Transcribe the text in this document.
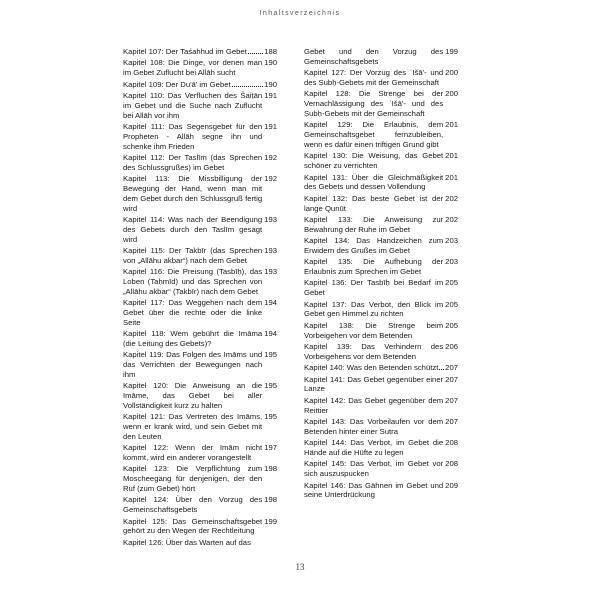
Inhaltsverzeichnis
Kapitel 107: Der Taśahhud im Gebet 188
Kapitel 108: Die Dinge, vor denen man im Gebet Zuflucht bei Allāh sucht
190
Kapitel 109: Der Du'ā' im Gebet	190
Kapitel 110: Das Verfluchen des Šaiṭān im Gebet und die Suche nach Zuflucht bei Allāh vor ihm
191
Kapitel 111: Das Segensgebet für den Propheten - Allāh segne ihn und schenke ihm Frieden
191
Kapitel 112: Der Taslīm (das Sprechen des Schlussgrußes) im Gebet
192
Kapitel 113: Die Missbilligung der Bewegung der Hand, wenn man mit dem Gebet durch den Schlussgruß fertig wird
192
Kapitel 114: Was nach der Beendigung des Gebets durch den Taslīm gesagt wird
193
Kapitel 115: Der Takbīr (das Sprechen von „Allāhu akbar“) nach dem Gebet
193
Kapitel 116: Die Preisung (Tasbīḥ), das Loben (Taḥmīd) und das Sprechen von „Allāhu akbar“ (Takbīr) nach dem Gebet
193
Kapitel 117: Das Weggehen nach dem Gebet über die rechte oder die linke Seite
194
Kapitel 118: Wem gebührt die Imāma (die Leitung des Gebets)?
194
Kapitel 119: Das Folgen des Imāms und das Verrichten der Bewegungen nach ihm
195
Kapitel 120: Die Anweisung an die Imāme, das Gebet bei aller Vollständigkeit kurz zu halten
195
Kapitel 121: Das Vertreten des Imāms, wenn er krank wird, und sein Gebet mit den Leuten
195
Kapitel 122: Wenn der Imām nicht kommt, wird ein anderer vorangestellt
197
Kapitel 123: Die Verpflichtung zum Moscheegang für denjenigen, der den Ruf (zum Gebet) hört
198
Kapitel 124: Über den Vorzug des Gemeinschaftsgebets
198
Kapitel 125: Das Gemeinschaftsgebet gehört zu den Wegen der Rechtleitung
199
Kapitel 126: Über das Warten auf das
Gebet und den Vorzug des Gemeinschaftsgebets
199
Kapitel 127: Der Vorzug des ʿIšā'- und des Ṣubḥ-Gebets mit der Gemeinschaft
200
Kapitel 128: Die Strenge bei der Vernachlässigung des ʿIšā'- und des Ṣubḥ-Gebets mit der Gemeinschaft
200
Kapitel 129: Die Erlaubnis, dem Gemeinschaftsgebet fernzubleiben, wenn es dafür einen triftigen Grund gibt
201
Kapitel 130: Die Weisung, das Gebet schöner zu verrichten
201
Kapitel 131: Über die Gleichmäßigkeit des Gebets und dessen Vollendung
201
Kapitel 132: Das beste Gebet ist der lange Qunūt
202
Kapitel 133: Die Anweisung zur Bewahrung der Ruhe im Gebet
202
Kapitel 134: Das Handzeichen zum Erwidern des Grußes im Gebet
203
Kapitel 135: Die Aufhebung der Erlaubnis zum Sprechen im Gebet
203
Kapitel 136: Der Tasbīḥ bei Bedarf im Gebet
205
Kapitel 137: Das Verbot, den Blick im Gebet gen Himmel zu richten
205
Kapitel 138: Die Strenge beim Vorbeigehen vor dem Betenden
205
Kapitel 139: Das Verhindern des Vorbeigehens vor dem Betenden
206
Kapitel 140: Was den Betenden schützt 207
Kapitel 141: Das Gebet gegenüber einer Lanze
207
Kapitel 142: Das Gebet gegenüber dem Reittier
207
Kapitel 143: Das Vorbeilaufen vor dem Betenden hinter einer Sutra
207
Kapitel 144: Das Verbot, im Gebet die Hände auf die Hüfte zu legen
208
Kapitel 145: Das Verbot, im Gebet vor sich auszuspucken
208
Kapitel 146: Das Gähnen im Gebet und seine Unterdrückung
209
13
